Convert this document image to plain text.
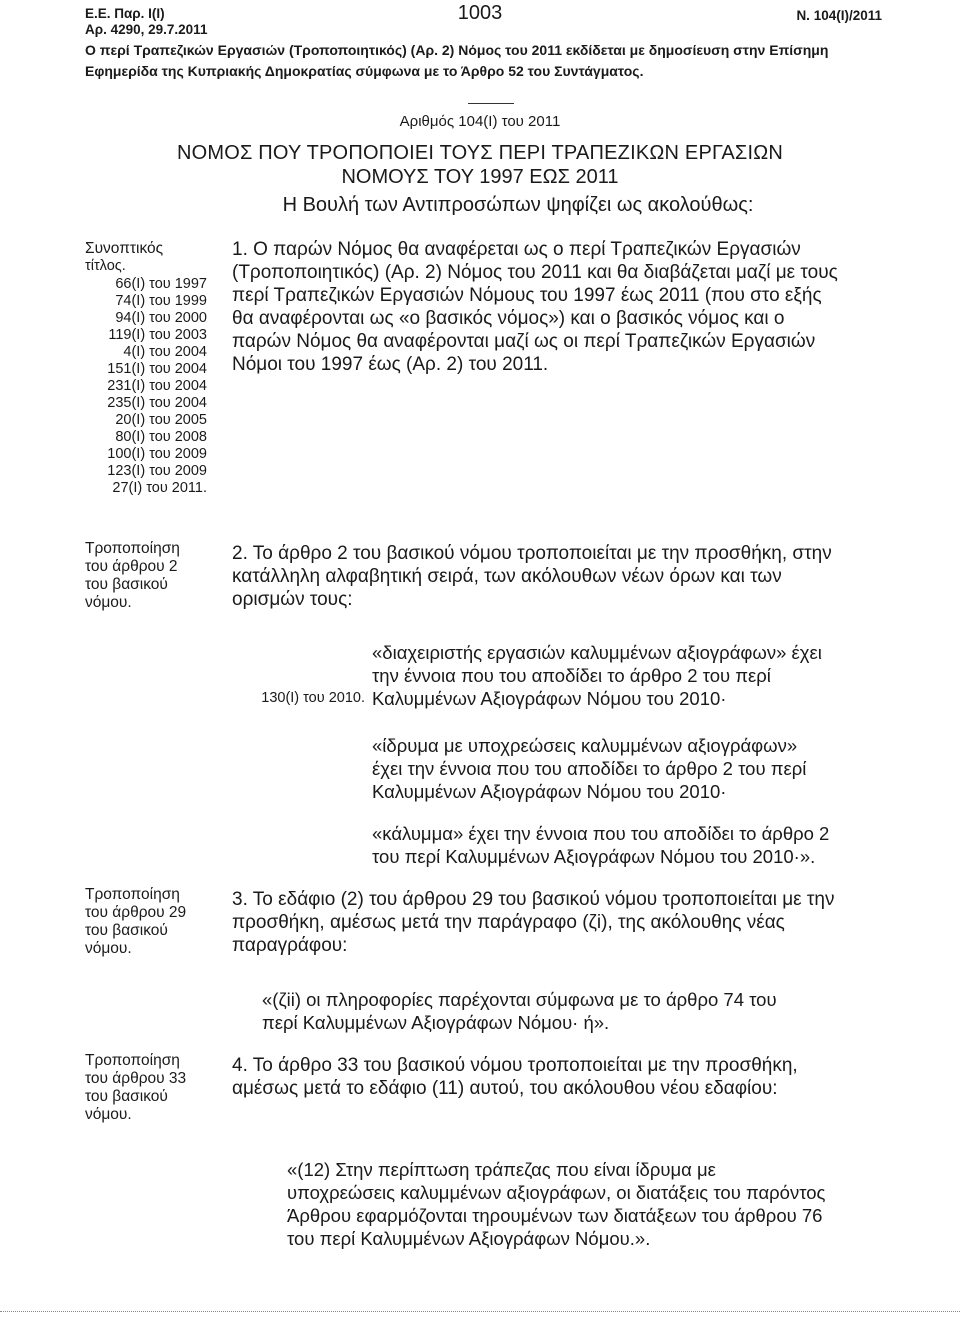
Ε.Ε. Παρ. Ι(Ι)
Αρ. 4290, 29.7.2011
1003	Ν. 104(Ι)/2011
Ο περί Τραπεζικών Εργασιών (Τροποποιητικός) (Αρ. 2) Νόμος του 2011 εκδίδεται με δημοσίευση στην Επίσημη Εφημερίδα της Κυπριακής Δημοκρατίας σύμφωνα με το Άρθρο 52 του Συντάγματος.
Αριθμός 104(Ι) του 2011
ΝΟΜΟΣ ΠΟΥ ΤΡΟΠΟΠΟΙΕΙ ΤΟΥΣ ΠΕΡΙ ΤΡΑΠΕΖΙΚΩΝ ΕΡΓΑΣΙΩΝ
ΝΟΜΟΥΣ ΤΟΥ 1997 ΕΩΣ 2011
Η Βουλή των Αντιπροσώπων ψηφίζει ως ακολούθως:
Συνοπτικός
τίτλος.
66(Ι) του 1997
74(Ι) του 1999
94(Ι) του 2000
119(Ι) του 2003
4(Ι) του 2004
151(Ι) του 2004
231(Ι) του 2004
235(Ι) του 2004
20(Ι) του 2005
80(Ι) του 2008
100(Ι) του 2009
123(Ι) του 2009
27(Ι) του 2011.
1. Ο παρών Νόμος θα αναφέρεται ως ο περί Τραπεζικών Εργασιών
(Τροποποιητικός) (Αρ. 2) Νόμος του 2011 και θα διαβάζεται μαζί με τους
περί Τραπεζικών Εργασιών Νόμους του 1997 έως 2011 (που στο εξής
θα αναφέρονται ως «ο βασικός νόμος») και ο βασικός νόμος και ο
παρών Νόμος θα αναφέρονται μαζί ως οι περί Τραπεζικών Εργασιών
Νόμοι του 1997 έως (Αρ. 2) του 2011.
Τροποποίηση
του άρθρου 2
του βασικού
νόμου.
2. Το άρθρο 2 του βασικού νόμου τροποποιείται με την προσθήκη, στην
κατάλληλη αλφαβητική σειρά, των ακόλουθων νέων όρων και των
ορισμών τους:
«διαχειριστής εργασιών καλυμμένων αξιογράφων» έχει
την έννοια που του αποδίδει το άρθρο 2 του περί
Καλυμμένων Αξιογράφων Νόμου του 2010·
130(Ι) του 2010.
«ίδρυμα με υποχρεώσεις καλυμμένων αξιογράφων»
έχει την έννοια που του αποδίδει το άρθρο 2 του περί
Καλυμμένων Αξιογράφων Νόμου του 2010·
«κάλυμμα» έχει την έννοια που του αποδίδει το άρθρο 2
του περί Καλυμμένων Αξιογράφων Νόμου του 2010·».
Τροποποίηση
του άρθρου 29
του βασικού
νόμου.
3. Το εδάφιο (2) του άρθρου 29 του βασικού νόμου τροποποιείται με την
προσθήκη, αμέσως μετά την παράγραφο (ζi), της ακόλουθης νέας
παραγράφου:
«(ζii) οι πληροφορίες παρέχονται σύμφωνα με το άρθρο 74 του
περί Καλυμμένων Αξιογράφων Νόμου· ή».
Τροποποίηση
του άρθρου 33
του βασικού
νόμου.
4. Το άρθρο 33 του βασικού νόμου τροποποιείται με την προσθήκη,
αμέσως μετά το εδάφιο (11) αυτού, του ακόλουθου νέου εδαφίου:
«(12) Στην περίπτωση τράπεζας που είναι ίδρυμα με
υποχρεώσεις καλυμμένων αξιογράφων, οι διατάξεις του παρόντος
Άρθρου εφαρμόζονται τηρουμένων των διατάξεων του άρθρου 76
του περί Καλυμμένων Αξιογράφων Νόμου.».
